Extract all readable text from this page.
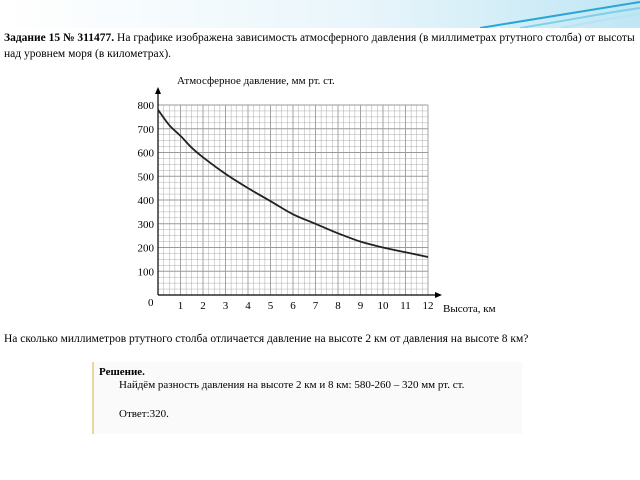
Задание 15 № 311477. На графике изображена зависимость атмосферного давления (в миллиметрах ртутного столба) от высоты над уровнем моря (в километрах).
1 2 3 4 5 6 7 8 9 10 11 12
100
200
300
400
500
600
700
800
Атмосферное давление, мм рт. ст.
Высота, км
0
На сколько миллиметров ртутного столба отличается давление на высоте 2 км от давления на высоте 8 км?
Решение.
Найдём разность давления на высоте 2 км и 8 км: 580-260 – 320 мм рт. ст.
Ответ:320.
